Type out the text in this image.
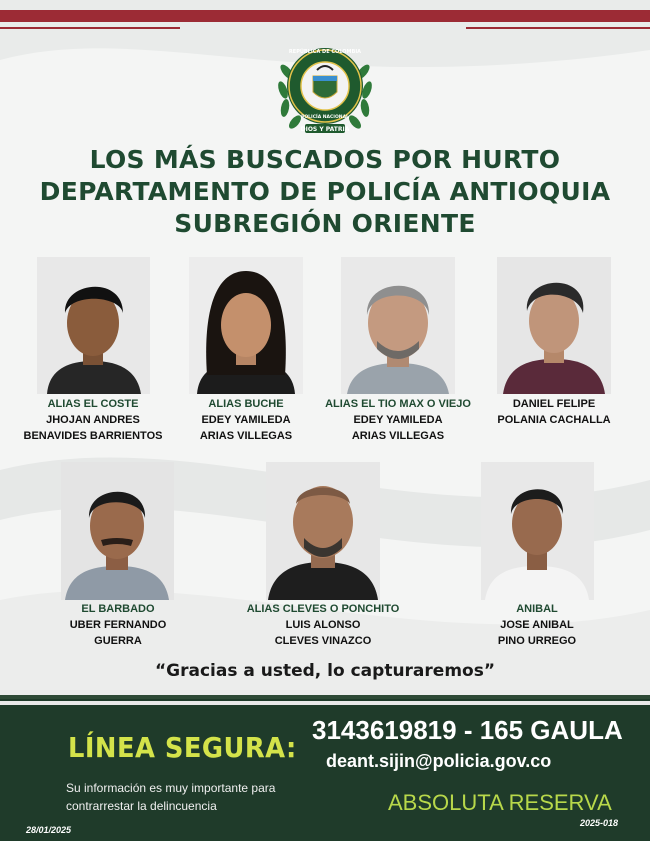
REPÚBLICA DE COLOMBIA
POLICÍA NACIONAL
DIOS Y PATRIA
LOS MÁS BUSCADOS POR HURTO
DEPARTAMENTO DE POLICÍA ANTIOQUIA
SUBREGIÓN ORIENTE
ALIAS EL COSTE
JHOJAN ANDRES
BENAVIDES BARRIENTOS
ALIAS BUCHE
EDEY YAMILEDA
ARIAS VILLEGAS
ALIAS EL TIO MAX O VIEJO
EDEY YAMILEDA
ARIAS VILLEGAS
DANIEL FELIPE
POLANIA CACHALLA
EL BARBADO
UBER FERNANDO
GUERRA
ALIAS CLEVES O PONCHITO
LUIS ALONSO
CLEVES VINAZCO
ANIBAL
JOSE ANIBAL
PINO URREGO
“Gracias a usted, lo capturaremos”
LÍNEA SEGURA:
Su información es muy importante para contrarrestar la delincuencia
3143619819 - 165 GAULA
deant.sijin@policia.gov.co
ABSOLUTA RESERVA
28/01/2025
2025-018
